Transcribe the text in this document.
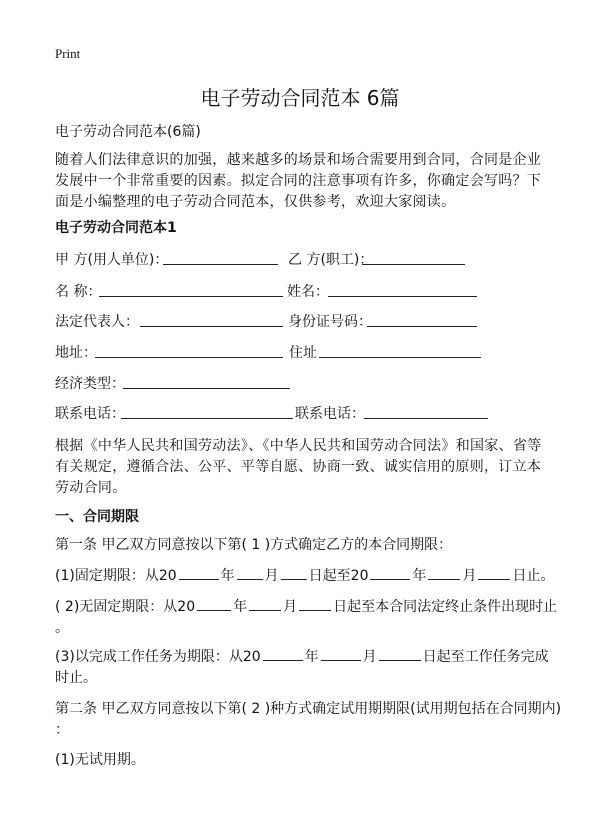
Print
电子劳动合同范本 6篇
电子劳动合同范本(6篇)
随着人们法律意识的加强，越来越多的场景和场合需要用到合同，合同是企业发展中一个非常重要的因素。拟定合同的注意事项有许多，你确定会写吗？下面是小编整理的电子劳动合同范本，仅供参考，欢迎大家阅读。
电子劳动合同范本1
甲 方(用人单位)：	乙 方(职工)：
名 称：	姓名：
法定代表人：	身份证号码：
地址：	住址
经济类型：
联系电话：	联系电话：
根据《中华人民共和国劳动法》、《中华人民共和国劳动合同法》和国家、省等有关规定，遵循合法、公平、平等自愿、协商一致、诚实信用的原则，订立本劳动合同。
一、合同期限
第一条 甲乙双方同意按以下第( 1 )方式确定乙方的本合同期限：
(1)固定期限：从20	年 月 日起至20	年	月	日止。
( 2)无固定期限：从20	年	月	日起至本合同法定终止条件出现时止
。
(3)以完成工作任务为期限：从20	年	月	日起至工作任务完成
时止。
第二条 甲乙双方同意按以下第( 2 )种方式确定试用期期限(试用期包括在合同期内)
：
(1)无试用期。
